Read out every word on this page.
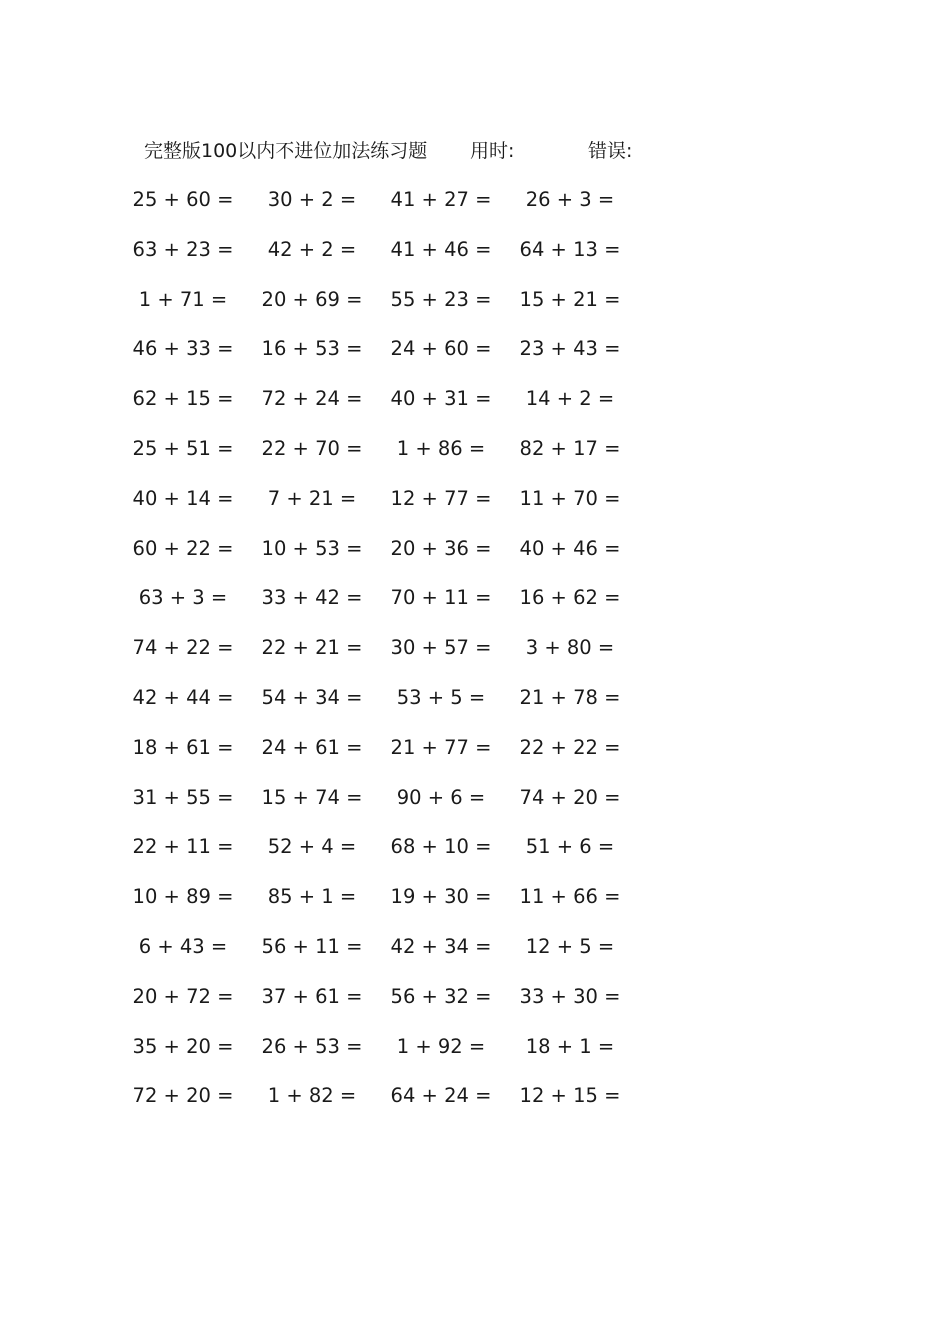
完整版100以内不进位加法练习题 用时:	错误:
25 + 60 =	30 + 2 =	41 + 27 =	26 + 3 =
63 + 23 =	42 + 2 =	41 + 46 = 64 + 13 =
1 + 71 =	20 + 69 = 55 + 23 = 15 + 21 =
46 + 33 = 16 + 53 = 24 + 60 = 23 + 43 =
62 + 15 = 72 + 24 = 40 + 31 =	14 + 2 =
25 + 51 = 22 + 70 =	1 + 86 =	82 + 17 =
40 + 14 =	7 + 21 =	12 + 77 = 11 + 70 =
60 + 22 = 10 + 53 = 20 + 36 = 40 + 46 =
63 + 3 =	33 + 42 = 70 + 11 = 16 + 62 =
74 + 22 = 22 + 21 = 30 + 57 =	3 + 80 =
42 + 44 = 54 + 34 =	53 + 5 =	21 + 78 =
18 + 61 = 24 + 61 = 21 + 77 = 22 + 22 =
31 + 55 = 15 + 74 =	90 + 6 =	74 + 20 =
22 + 11 =	52 + 4 =	68 + 10 =	51 + 6 =
10 + 89 =	85 + 1 =	19 + 30 = 11 + 66 =
6 + 43 =	56 + 11 = 42 + 34 =	12 + 5 =
20 + 72 = 37 + 61 = 56 + 32 = 33 + 30 =
35 + 20 = 26 + 53 =	1 + 92 =	18 + 1 =
72 + 20 =	1 + 82 =	64 + 24 = 12 + 15 =
